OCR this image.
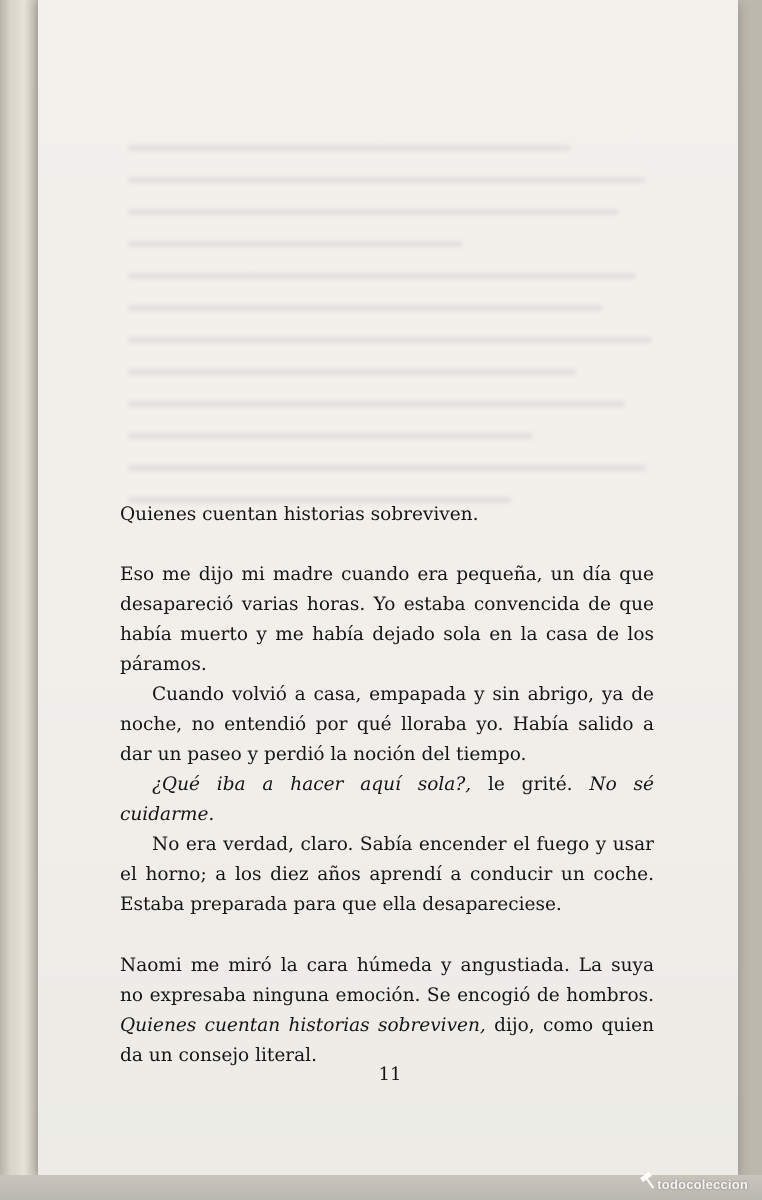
Quienes cuentan historias sobreviven.

Eso me dijo mi madre cuando era pequeña, un día que desapareció varias horas. Yo estaba convencida de que había muerto y me había dejado sola en la casa de los páramos.

Cuando volvió a casa, empapada y sin abrigo, ya de noche, no entendió por qué lloraba yo. Había salido a dar un paseo y perdió la noción del tiempo.

¿Qué iba a hacer aquí sola?, le grité. No sé cuidarme.

No era verdad, claro. Sabía encender el fuego y usar el horno; a los diez años aprendí a conducir un coche. Estaba preparada para que ella desapareciese.

Naomi me miró la cara húmeda y angustiada. La suya no expresaba ninguna emoción. Se encogió de hombros. Quienes cuentan historias sobreviven, dijo, como quien da un consejo literal.

11
todocoleccion
